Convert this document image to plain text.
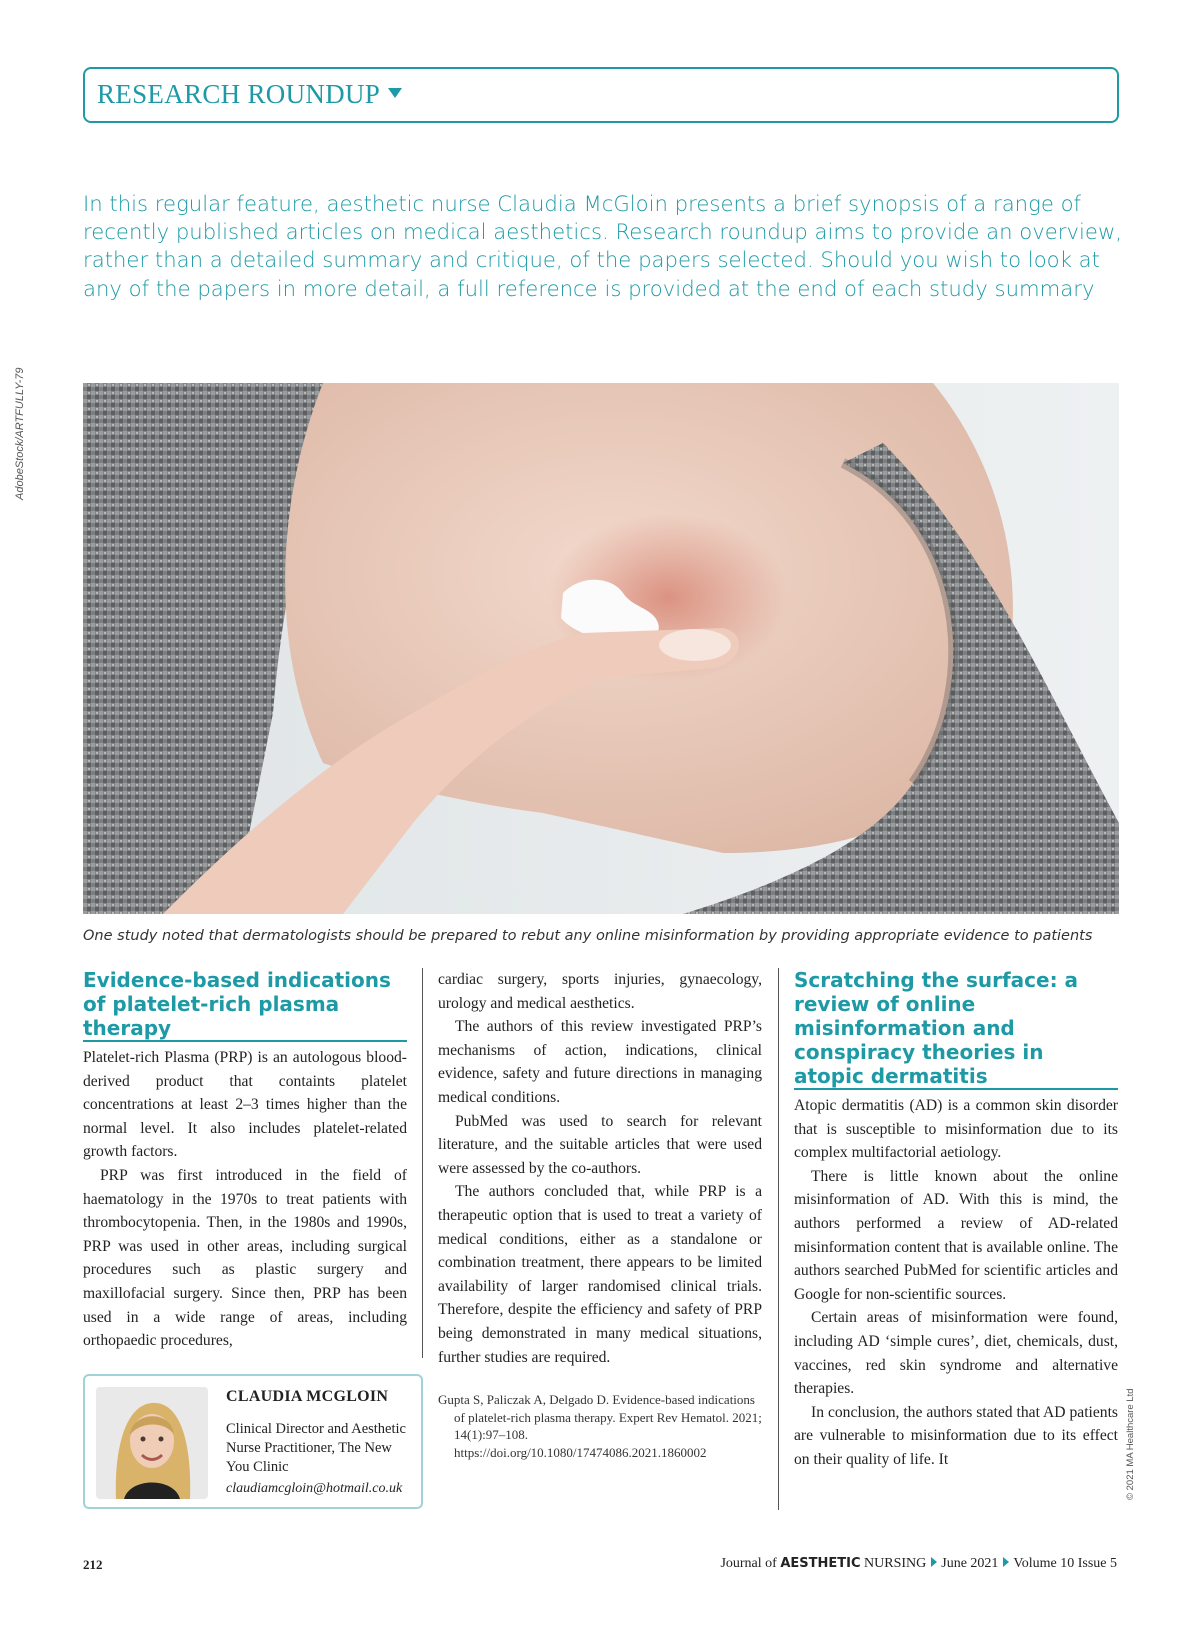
RESEARCH ROUNDUP
In this regular feature, aesthetic nurse Claudia McGloin presents a brief synopsis of a range of recently published articles on medical aesthetics. Research roundup aims to provide an overview, rather than a detailed summary and critique, of the papers selected. Should you wish to look at any of the papers in more detail, a full reference is provided at the end of each study summary
AdobeStock/ARTFULLY-79
One study noted that dermatologists should be prepared to rebut any online misinformation by providing appropriate evidence to patients
Evidence-based indications of platelet-rich plasma therapy
Platelet-rich Plasma (PRP) is an autologous blood-derived product that containts platelet concentrations at least 2–3 times higher than the normal level. It also includes platelet-related growth factors.
PRP was first introduced in the field of haematology in the 1970s to treat patients with thrombocytopenia. Then, in the 1980s and 1990s, PRP was used in other areas, including surgical procedures such as plastic surgery and maxillofacial surgery. Since then, PRP has been used in a wide range of areas, including orthopaedic procedures,
cardiac surgery, sports injuries, gynaecology, urology and medical aesthetics.
The authors of this review investigated PRP’s mechanisms of action, indications, clinical evidence, safety and future directions in managing medical conditions.
PubMed was used to search for relevant literature, and the suitable articles that were used were assessed by the co-authors.
The authors concluded that, while PRP is a therapeutic option that is used to treat a variety of medical conditions, either as a standalone or combination treatment, there appears to be limited availability of larger randomised clinical trials. Therefore, despite the efficiency and safety of PRP being demonstrated in many medical situations, further studies are required.
Gupta S, Paliczak A, Delgado D. Evidence-based indications of platelet-rich plasma therapy. Expert Rev Hematol. 2021; 14(1):97–108. https://doi.org/10.1080/17474086.2021.1860002
Scratching the surface: a review of online misinformation and conspiracy theories in atopic dermatitis
Atopic dermatitis (AD) is a common skin disorder that is susceptible to misinformation due to its complex multifactorial aetiology.
There is little known about the online misinformation of AD. With this is mind, the authors performed a review of AD-related misinformation content that is available online. The authors searched PubMed for scientific articles and Google for non-scientific sources.
Certain areas of misinformation were found, including AD ‘simple cures’, diet, chemicals, dust, vaccines, red skin syndrome and alternative therapies.
In conclusion, the authors stated that AD patients are vulnerable to misinformation due to its effect on their quality of life. It
CLAUDIA MCGLOIN
Clinical Director and Aesthetic Nurse Practitioner, The New You Clinic
claudiamcgloin@hotmail.co.uk	© 2021 MA Healthcare Ltd
212	Journal of AESTHETIC NURSING June 2021 Volume 10 Issue 5
